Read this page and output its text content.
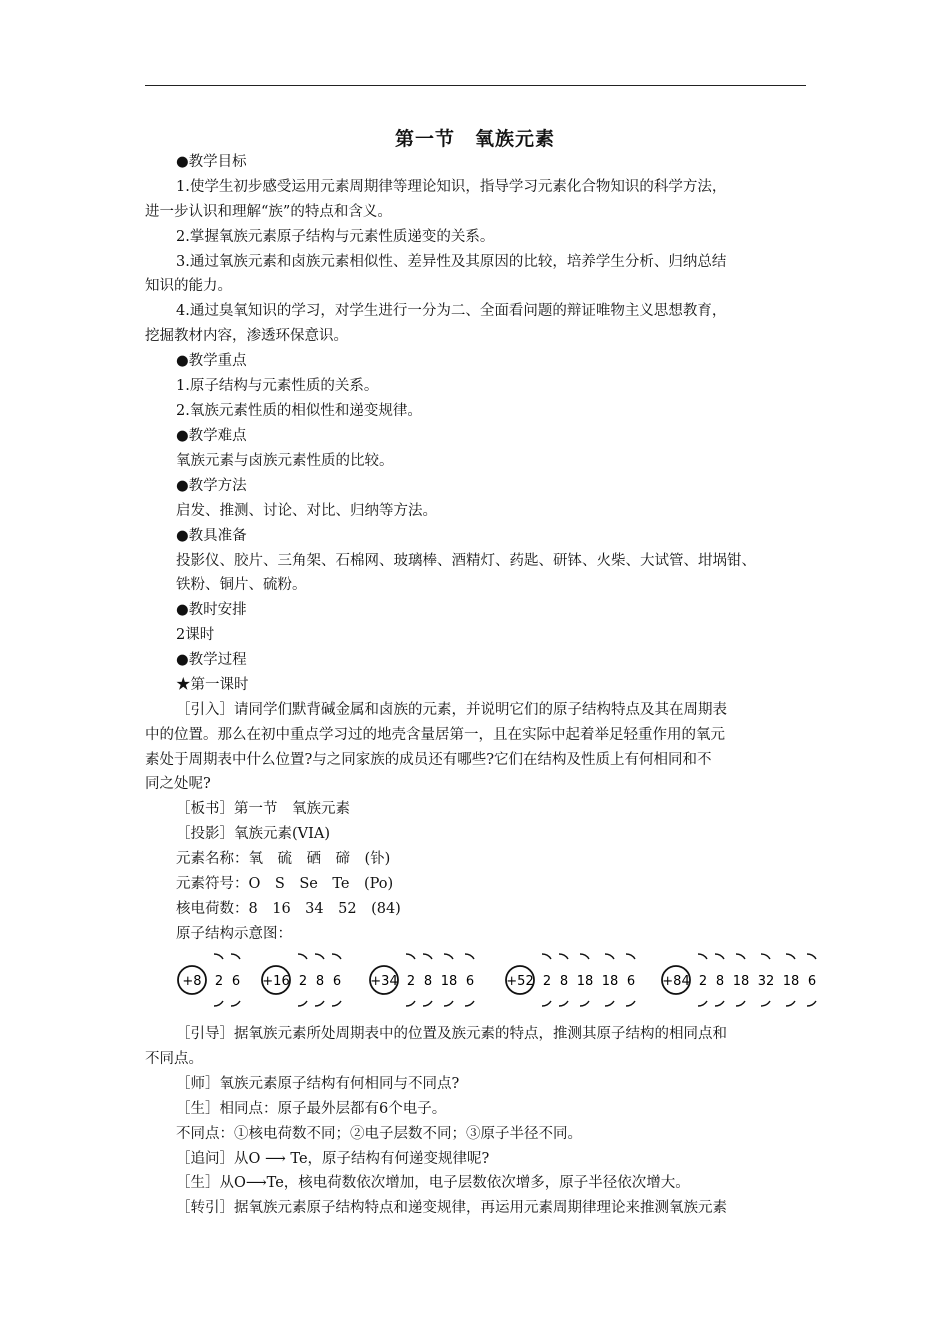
第一节　氧族元素
●教学目标
1.使学生初步感受运用元素周期律等理论知识，指导学习元素化合物知识的科学方法，
进一步认识和理解“族”的特点和含义。
2.掌握氧族元素原子结构与元素性质递变的关系。
3.通过氧族元素和卤族元素相似性、差异性及其原因的比较，培养学生分析、归纳总结
知识的能力。
4.通过臭氧知识的学习，对学生进行一分为二、全面看问题的辩证唯物主义思想教育，
挖掘教材内容，渗透环保意识。
●教学重点
1.原子结构与元素性质的关系。
2.氧族元素性质的相似性和递变规律。
●教学难点
氧族元素与卤族元素性质的比较。
●教学方法
启发、推测、讨论、对比、归纳等方法。
●教具准备
投影仪、胶片、三角架、石棉网、玻璃棒、酒精灯、药匙、研钵、火柴、大试管、坩埚钳、
铁粉、铜片、硫粉。
●教时安排
2课时
●教学过程
★第一课时
［引入］请同学们默背碱金属和卤族的元素，并说明它们的原子结构特点及其在周期表
中的位置。那么在初中重点学习过的地壳含量居第一，且在实际中起着举足轻重作用的氧元
素处于周期表中什么位置?与之同家族的成员还有哪些?它们在结构及性质上有何相同和不
同之处呢?
［板书］第一节　氧族元素
［投影］氧族元素(VIA)
元素名称：氧　硫　硒　碲　(钋)
元素符号：O　S　Se　Te　(Po)
核电荷数：8　16　34　52　(84)
原子结构示意图：
+8 2 6 +16 2 8 6 +34 2 8 18 6 +52 2 8 18 18 6 +84 2 8 18 32 18 6
［引导］据氧族元素所处周期表中的位置及族元素的特点，推测其原子结构的相同点和
不同点。
［师］氧族元素原子结构有何相同与不同点?
［生］相同点：原子最外层都有6个电子。
不同点：①核电荷数不同；②电子层数不同；③原子半径不同。
［追问］从O ⟶ Te，原子结构有何递变规律呢?
［生］从O⟶Te，核电荷数依次增加，电子层数依次增多，原子半径依次增大。
［转引］据氧族元素原子结构特点和递变规律，再运用元素周期律理论来推测氧族元素
